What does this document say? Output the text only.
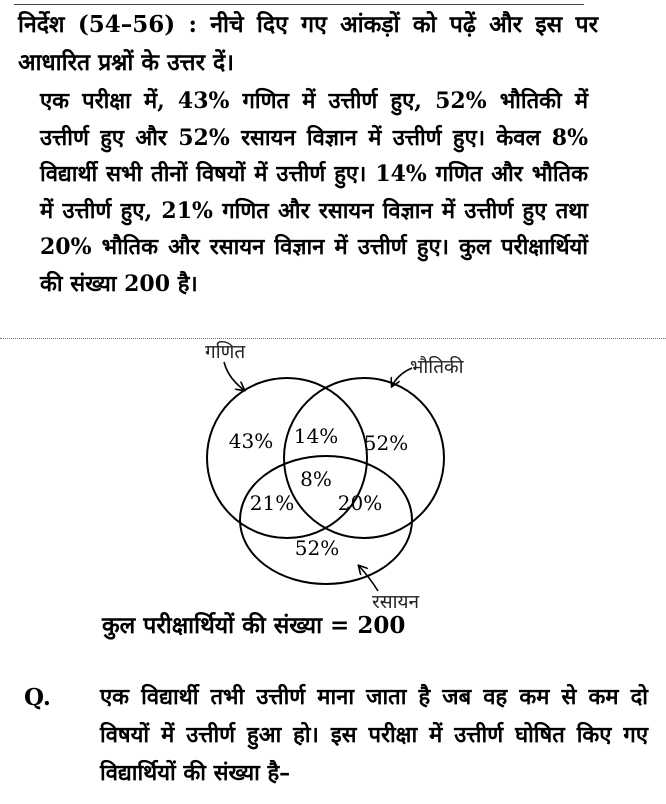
निर्देश (54–56) : नीचे दिए गए आंकड़ों को पढ़ें और इस पर आधारित प्रश्नों के उत्तर दें।
एक परीक्षा में, 43% गणित में उत्तीर्ण हुए, 52% भौतिकी में उत्तीर्ण हुए और 52% रसायन विज्ञान में उत्तीर्ण हुए। केवल 8% विद्यार्थी सभी तीनों विषयों में उत्तीर्ण हुए। 14% गणित और भौतिक में उत्तीर्ण हुए, 21% गणित और रसायन विज्ञान में उत्तीर्ण हुए तथा 20% भौतिक और रसायन विज्ञान में उत्तीर्ण हुए। कुल परीक्षार्थियों की संख्या 200 है।
गणित
भौतिकी
रसायन
43%	52%
52%
14%
8%
21% 20%
कुल परीक्षार्थियों की संख्या = 200
Q. एक विद्यार्थी तभी उत्तीर्ण माना जाता है जब वह कम से कम दो विषयों में उत्तीर्ण हुआ हो। इस परीक्षा में उत्तीर्ण घोषित किए गए विद्यार्थियों की संख्या है–
